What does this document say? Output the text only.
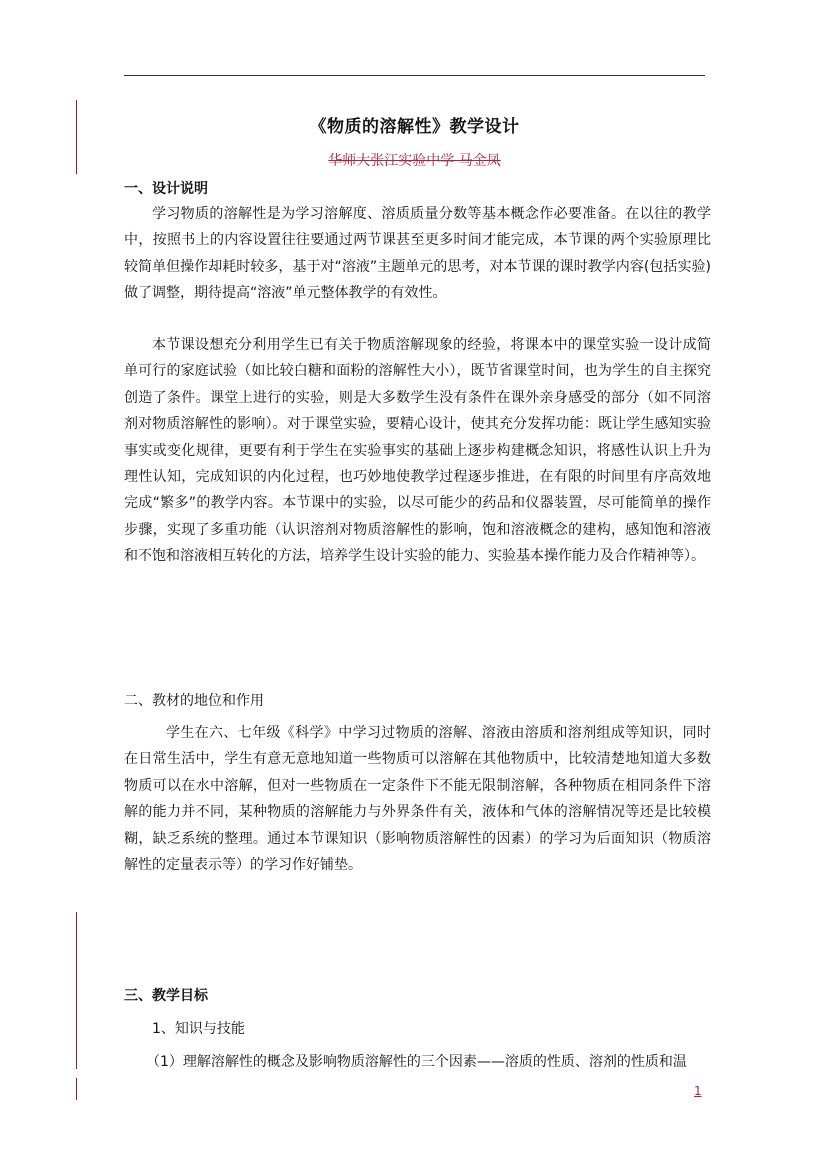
《物质的溶解性》教学设计
华师大张江实验中学 马金凤
一、设计说明

学习物质的溶解性是为学习溶解度、溶质质量分数等基本概念作必要准备。在以往的教学中，按照书上的内容设置往往要通过两节课甚至更多时间才能完成，本节课的两个实验原理比较简单但操作却耗时较多，基于对“溶液”主题单元的思考，对本节课的课时教学内容(包括实验)做了调整，期待提高“溶液”单元整体教学的有效性。

本节课设想充分利用学生已有关于物质溶解现象的经验，将课本中的课堂实验一设计成简单可行的家庭试验（如比较白糖和面粉的溶解性大小），既节省课堂时间，也为学生的自主探究创造了条件。课堂上进行的实验，则是大多数学生没有条件在课外亲身感受的部分（如不同溶剂对物质溶解性的影响）。对于课堂实验，要精心设计，使其充分发挥功能：既让学生感知实验事实或变化规律，更要有利于学生在实验事实的基础上逐步构建概念知识，将感性认识上升为理性认知，完成知识的内化过程，也巧妙地使教学过程逐步推进，在有限的时间里有序高效地完成“繁多”的教学内容。本节课中的实验，以尽可能少的药品和仪器装置，尽可能简单的操作步骤，实现了多重功能（认识溶剂对物质溶解性的影响，饱和溶液概念的建构，感知饱和溶液和不饱和溶液相互转化的方法，培养学生设计实验的能力、实验基本操作能力及合作精神等）。

二、教材的地位和作用

学生在六、七年级《科学》中学习过物质的溶解、溶液由溶质和溶剂组成等知识，同时在日常生活中，学生有意无意地知道一些物质可以溶解在其他物质中，比较清楚地知道大多数物质可以在水中溶解，但对一些物质在一定条件下不能无限制溶解，各种物质在相同条件下溶解的能力并不同，某种物质的溶解能力与外界条件有关，液体和气体的溶解情况等还是比较模糊，缺乏系统的整理。通过本节课知识（影响物质溶解性的因素）的学习为后面知识（物质溶解性的定量表示等）的学习作好铺垫。

三、教学目标
1、知识与技能
（1）理解溶解性的概念及影响物质溶解性的三个因素——溶质的性质、溶剂的性质和温
1
